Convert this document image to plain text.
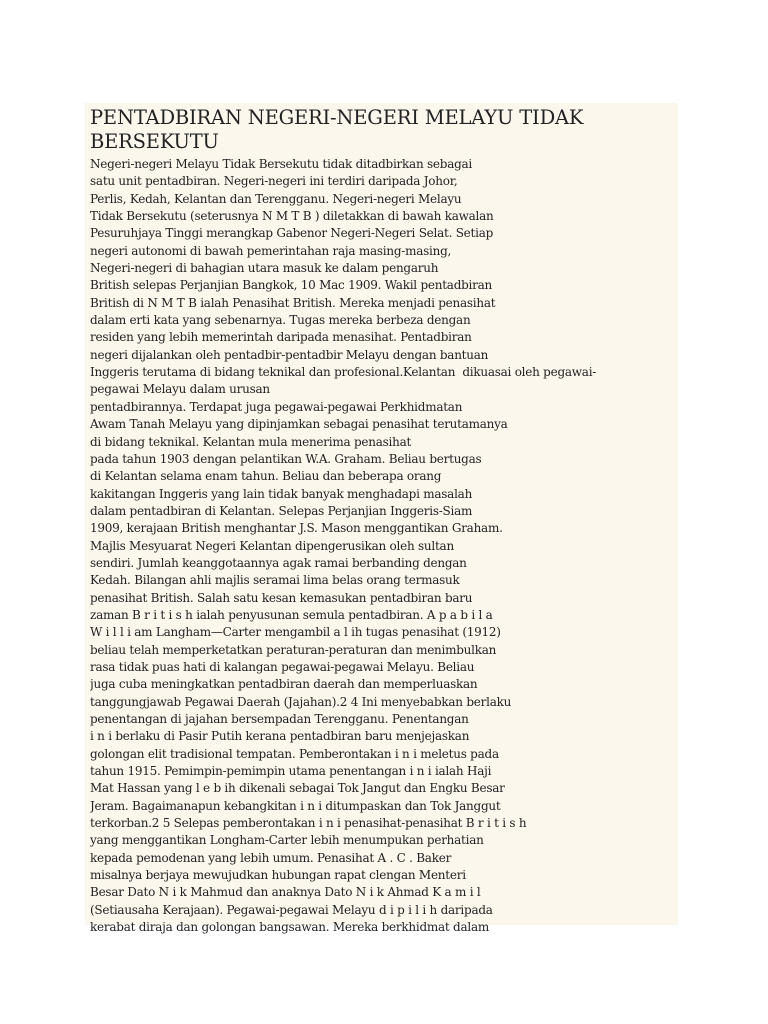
PENTADBIRAN NEGERI-NEGERI MELAYU TIDAK
BERSEKUTU
Negeri-negeri Melayu Tidak Bersekutu tidak ditadbirkan sebagai
satu unit pentadbiran. Negeri-negeri ini terdiri daripada Johor,
Perlis, Kedah, Kelantan dan Terengganu. Negeri-negeri Melayu
Tidak Bersekutu (seterusnya N M T B ) diletakkan di bawah kawalan
Pesuruhjaya Tinggi merangkap Gabenor Negeri-Negeri Selat. Setiap
negeri autonomi di bawah pemerintahan raja masing-masing,
Negeri-negeri di bahagian utara masuk ke dalam pengaruh
British selepas Perjanjian Bangkok, 10 Mac 1909. Wakil pentadbiran
British di N M T B ialah Penasihat British. Mereka menjadi penasihat
dalam erti kata yang sebenarnya. Tugas mereka berbeza dengan
residen yang lebih memerintah daripada menasihat. Pentadbiran
negeri dijalankan oleh pentadbir-pentadbir Melayu dengan bantuan
Inggeris terutama di bidang teknikal dan profesional.Kelantan  dikuasai oleh pegawai-
pegawai Melayu dalam urusan
pentadbirannya. Terdapat juga pegawai-pegawai Perkhidmatan
Awam Tanah Melayu yang dipinjamkan sebagai penasihat terutamanya
di bidang teknikal. Kelantan mula menerima penasihat
pada tahun 1903 dengan pelantikan W.A. Graham. Beliau bertugas
di Kelantan selama enam tahun. Beliau dan beberapa orang
kakitangan Inggeris yang lain tidak banyak menghadapi masalah
dalam pentadbiran di Kelantan. Selepas Perjanjian Inggeris-Siam
1909, kerajaan British menghantar J.S. Mason menggantikan Graham.
Majlis Mesyuarat Negeri Kelantan dipengerusikan oleh sultan
sendiri. Jumlah keanggotaannya agak ramai berbanding dengan
Kedah. Bilangan ahli majlis seramai lima belas orang termasuk
penasihat British. Salah satu kesan kemasukan pentadbiran baru
zaman B r i t i s h ialah penyusunan semula pentadbiran. A p a b i l a
W i l l i am Langham—Carter mengambil a l ih tugas penasihat (1912)
beliau telah memperketatkan peraturan-peraturan dan menimbulkan
rasa tidak puas hati di kalangan pegawai-pegawai Melayu. Beliau
juga cuba meningkatkan pentadbiran daerah dan memperluaskan
tanggungjawab Pegawai Daerah (Jajahan).2 4 Ini menyebabkan berlaku
penentangan di jajahan bersempadan Terengganu. Penentangan
i n i berlaku di Pasir Putih kerana pentadbiran baru menjejaskan
golongan elit tradisional tempatan. Pemberontakan i n i meletus pada
tahun 1915. Pemimpin-pemimpin utama penentangan i n i ialah Haji
Mat Hassan yang l e b ih dikenali sebagai Tok Jangut dan Engku Besar
Jeram. Bagaimanapun kebangkitan i n i ditumpaskan dan Tok Janggut
terkorban.2 5 Selepas pemberontakan i n i penasihat-penasihat B r i t i s h
yang menggantikan Longham-Carter lebih menumpukan perhatian
kepada pemodenan yang lebih umum. Penasihat A . C . Baker
misalnya berjaya mewujudkan hubungan rapat clengan Menteri
Besar Dato N i k Mahmud dan anaknya Dato N i k Ahmad K a m i l
(Setiausaha Kerajaan). Pegawai-pegawai Melayu d i p i l i h daripada
kerabat diraja dan golongan bangsawan. Mereka berkhidmat dalam
